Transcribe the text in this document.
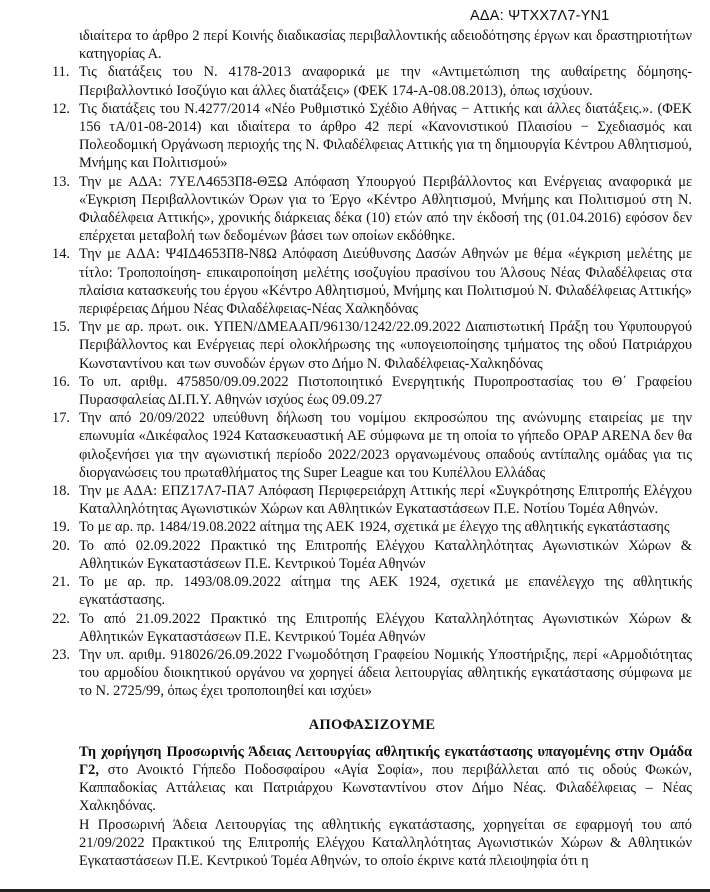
ΑΔΑ: ΨΤΧΧ7Λ7-ΥΝ1
ιδιαίτερα το άρθρο 2 περί Κοινής διαδικασίας περιβαλλοντικής αδειοδότησης έργων και δραστηριοτήτων κατηγορίας Α.
11. Τις διατάξεις του Ν. 4178-2013 αναφορικά με την «Αντιμετώπιση της αυθαίρετης δόμησης-Περιβαλλοντικό Ισοζύγιο και άλλες διατάξεις» (ΦΕΚ 174-Α-08.08.2013), όπως ισχύουν.
12. Τις διατάξεις του Ν.4277/2014 «Νέο Ρυθμιστικό Σχέδιο Αθήνας − Αττικής και άλλες διατάξεις.». (ΦΕΚ 156 τΑ/01-08-2014) και ιδιαίτερα το άρθρο 42 περί «Κανονιστικού Πλαισίου − Σχεδιασμός και Πολεοδομική Οργάνωση περιοχής της Ν. Φιλαδέλφειας Αττικής για τη δημιουργία Κέντρου Αθλητισμού, Μνήμης και Πολιτισμού»
13. Την με ΑΔΑ: 7ΥΕΛ4653Π8-ΘΞΩ Απόφαση Υπουργού Περιβάλλοντος και Ενέργειας αναφορικά με «Έγκριση Περιβαλλοντικών Όρων για το Έργο «Κέντρο Αθλητισμού, Μνήμης και Πολιτισμού στη Ν. Φιλαδέλφεια Αττικής», χρονικής διάρκειας δέκα (10) ετών από την έκδοσή της (01.04.2016) εφόσον δεν επέρχεται μεταβολή των δεδομένων βάσει των οποίων εκδόθηκε.
14. Την με ΑΔΑ: Ψ4ΙΔ4653Π8-Ν8Ω Απόφαση Διεύθυνσης Δασών Αθηνών με θέμα «έγκριση μελέτης με τίτλο: Τροποποίηση- επικαιροποίηση μελέτης ισοζυγίου πρασίνου του Άλσους Νέας Φιλαδέλφειας στα πλαίσια κατασκευής του έργου «Κέντρο Αθλητισμού, Μνήμης και Πολιτισμού Ν. Φιλαδέλφειας Αττικής» περιφέρειας Δήμου Νέας Φιλαδέλφειας-Νέας Χαλκηδόνας
15. Την με αρ. πρωτ. οικ. ΥΠΕΝ/ΔΜΕΑΑΠ/96130/1242/22.09.2022 Διαπιστωτική Πράξη του Υφυπουργού Περιβάλλοντος και Ενέργειας περί ολοκλήρωσης της «υπογειοποίησης τμήματος της οδού Πατριάρχου Κωνσταντίνου και των συνοδών έργων στο Δήμο Ν. Φιλαδέλφειας-Χαλκηδόνας
16. Το υπ. αριθμ. 475850/09.09.2022 Πιστοποιητικό Ενεργητικής Πυροπροστασίας του Θ΄ Γραφείου Πυρασφαλείας ΔΙ.Π.Υ. Αθηνών ισχύος έως 09.09.27
17. Την από 20/09/2022 υπεύθυνη δήλωση του νομίμου εκπροσώπου της ανώνυμης εταιρείας με την επωνυμία «Δικέφαλος 1924 Κατασκευαστική ΑΕ σύμφωνα με τη οποία το γήπεδο OPAP ARENA δεν θα φιλοξενήσει για την αγωνιστική περίοδο 2022/2023 οργανωμένους οπαδούς αντίπαλης ομάδας για τις διοργανώσεις του πρωταθλήματος της Super League και του Κυπέλλου Ελλάδας
18. Την με ΑΔΑ: ΕΠΖ17Λ7-ΠΑ7 Απόφαση Περιφερειάρχη Αττικής περί «Συγκρότησης Επιτροπής Ελέγχου Καταλληλότητας Αγωνιστικών Χώρων και Αθλητικών Εγκαταστάσεων Π.Ε. Νοτίου Τομέα Αθηνών.
19. Το με αρ. πρ. 1484/19.08.2022 αίτημα της ΑΕΚ 1924, σχετικά με έλεγχο της αθλητικής εγκατάστασης
20. Το από 02.09.2022 Πρακτικό της Επιτροπής Ελέγχου Καταλληλότητας Αγωνιστικών Χώρων & Αθλητικών Εγκαταστάσεων Π.Ε. Κεντρικού Τομέα Αθηνών
21. Το με αρ. πρ. 1493/08.09.2022 αίτημα της ΑΕΚ 1924, σχετικά με επανέλεγχο της αθλητικής εγκατάστασης.
22. Το από 21.09.2022 Πρακτικό της Επιτροπής Ελέγχου Καταλληλότητας Αγωνιστικών Χώρων & Αθλητικών Εγκαταστάσεων Π.Ε. Κεντρικού Τομέα Αθηνών
23. Την υπ. αριθμ. 918026/26.09.2022 Γνωμοδότηση Γραφείου Νομικής Υποστήριξης, περί «Αρμοδιότητας του αρμοδίου διοικητικού οργάνου να χορηγεί άδεια λειτουργίας αθλητικής εγκατάστασης σύμφωνα με το Ν. 2725/99, όπως έχει τροποποιηθεί και ισχύει»
ΑΠΟΦΑΣΙΖΟΥΜΕ
Τη χορήγηση Προσωρινής Άδειας Λειτουργίας αθλητικής εγκατάστασης υπαγομένης στην Ομάδα Γ2, στο Ανοικτό Γήπεδο Ποδοσφαίρου «Αγία Σοφία», που περιβάλλεται από τις οδούς Φωκών, Καππαδοκίας Αττάλειας και Πατριάρχου Κωνσταντίνου στον Δήμο Νέας. Φιλαδέλφειας – Νέας Χαλκηδόνας.
Η Προσωρινή Άδεια Λειτουργίας της αθλητικής εγκατάστασης, χορηγείται σε εφαρμογή του από 21/09/2022 Πρακτικού της Επιτροπής Ελέγχου Καταλληλότητας Αγωνιστικών Χώρων & Αθλητικών Εγκαταστάσεων Π.Ε. Κεντρικού Τομέα Αθηνών, το οποίο έκρινε κατά πλειοψηφία ότι η
